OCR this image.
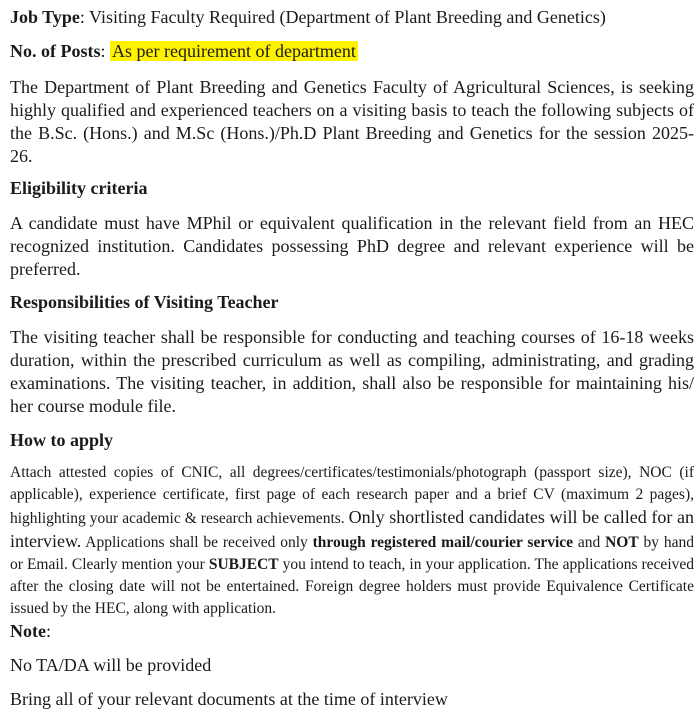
Job Type: Visiting Faculty Required (Department of Plant Breeding and Genetics)

No. of Posts: As per requirement of department

The Department of Plant Breeding and Genetics Faculty of Agricultural Sciences, is seeking highly qualified and experienced teachers on a visiting basis to teach the following subjects of the B.Sc. (Hons.) and M.Sc (Hons.)/Ph.D Plant Breeding and Genetics for the session 2025-26.

Eligibility criteria

A candidate must have MPhil or equivalent qualification in the relevant field from an HEC recognized institution. Candidates possessing PhD degree and relevant experience will be preferred.

Responsibilities of Visiting Teacher

The visiting teacher shall be responsible for conducting and teaching courses of 16-18 weeks duration, within the prescribed curriculum as well as compiling, administrating, and grading examinations. The visiting teacher, in addition, shall also be responsible for maintaining his/ her course module file.

How to apply

Attach attested copies of CNIC, all degrees/certificates/testimonials/photograph (passport size), NOC (if applicable), experience certificate, first page of each research paper and a brief CV (maximum 2 pages), highlighting your academic & research achievements. Only shortlisted candidates will be called for an interview. Applications shall be received only through registered mail/courier service and NOT by hand or Email. Clearly mention your SUBJECT you intend to teach, in your application. The applications received after the closing date will not be entertained. Foreign degree holders must provide Equivalence Certificate issued by the HEC, along with application.

Note:

No TA/DA will be provided

Bring all of your relevant documents at the time of interview
